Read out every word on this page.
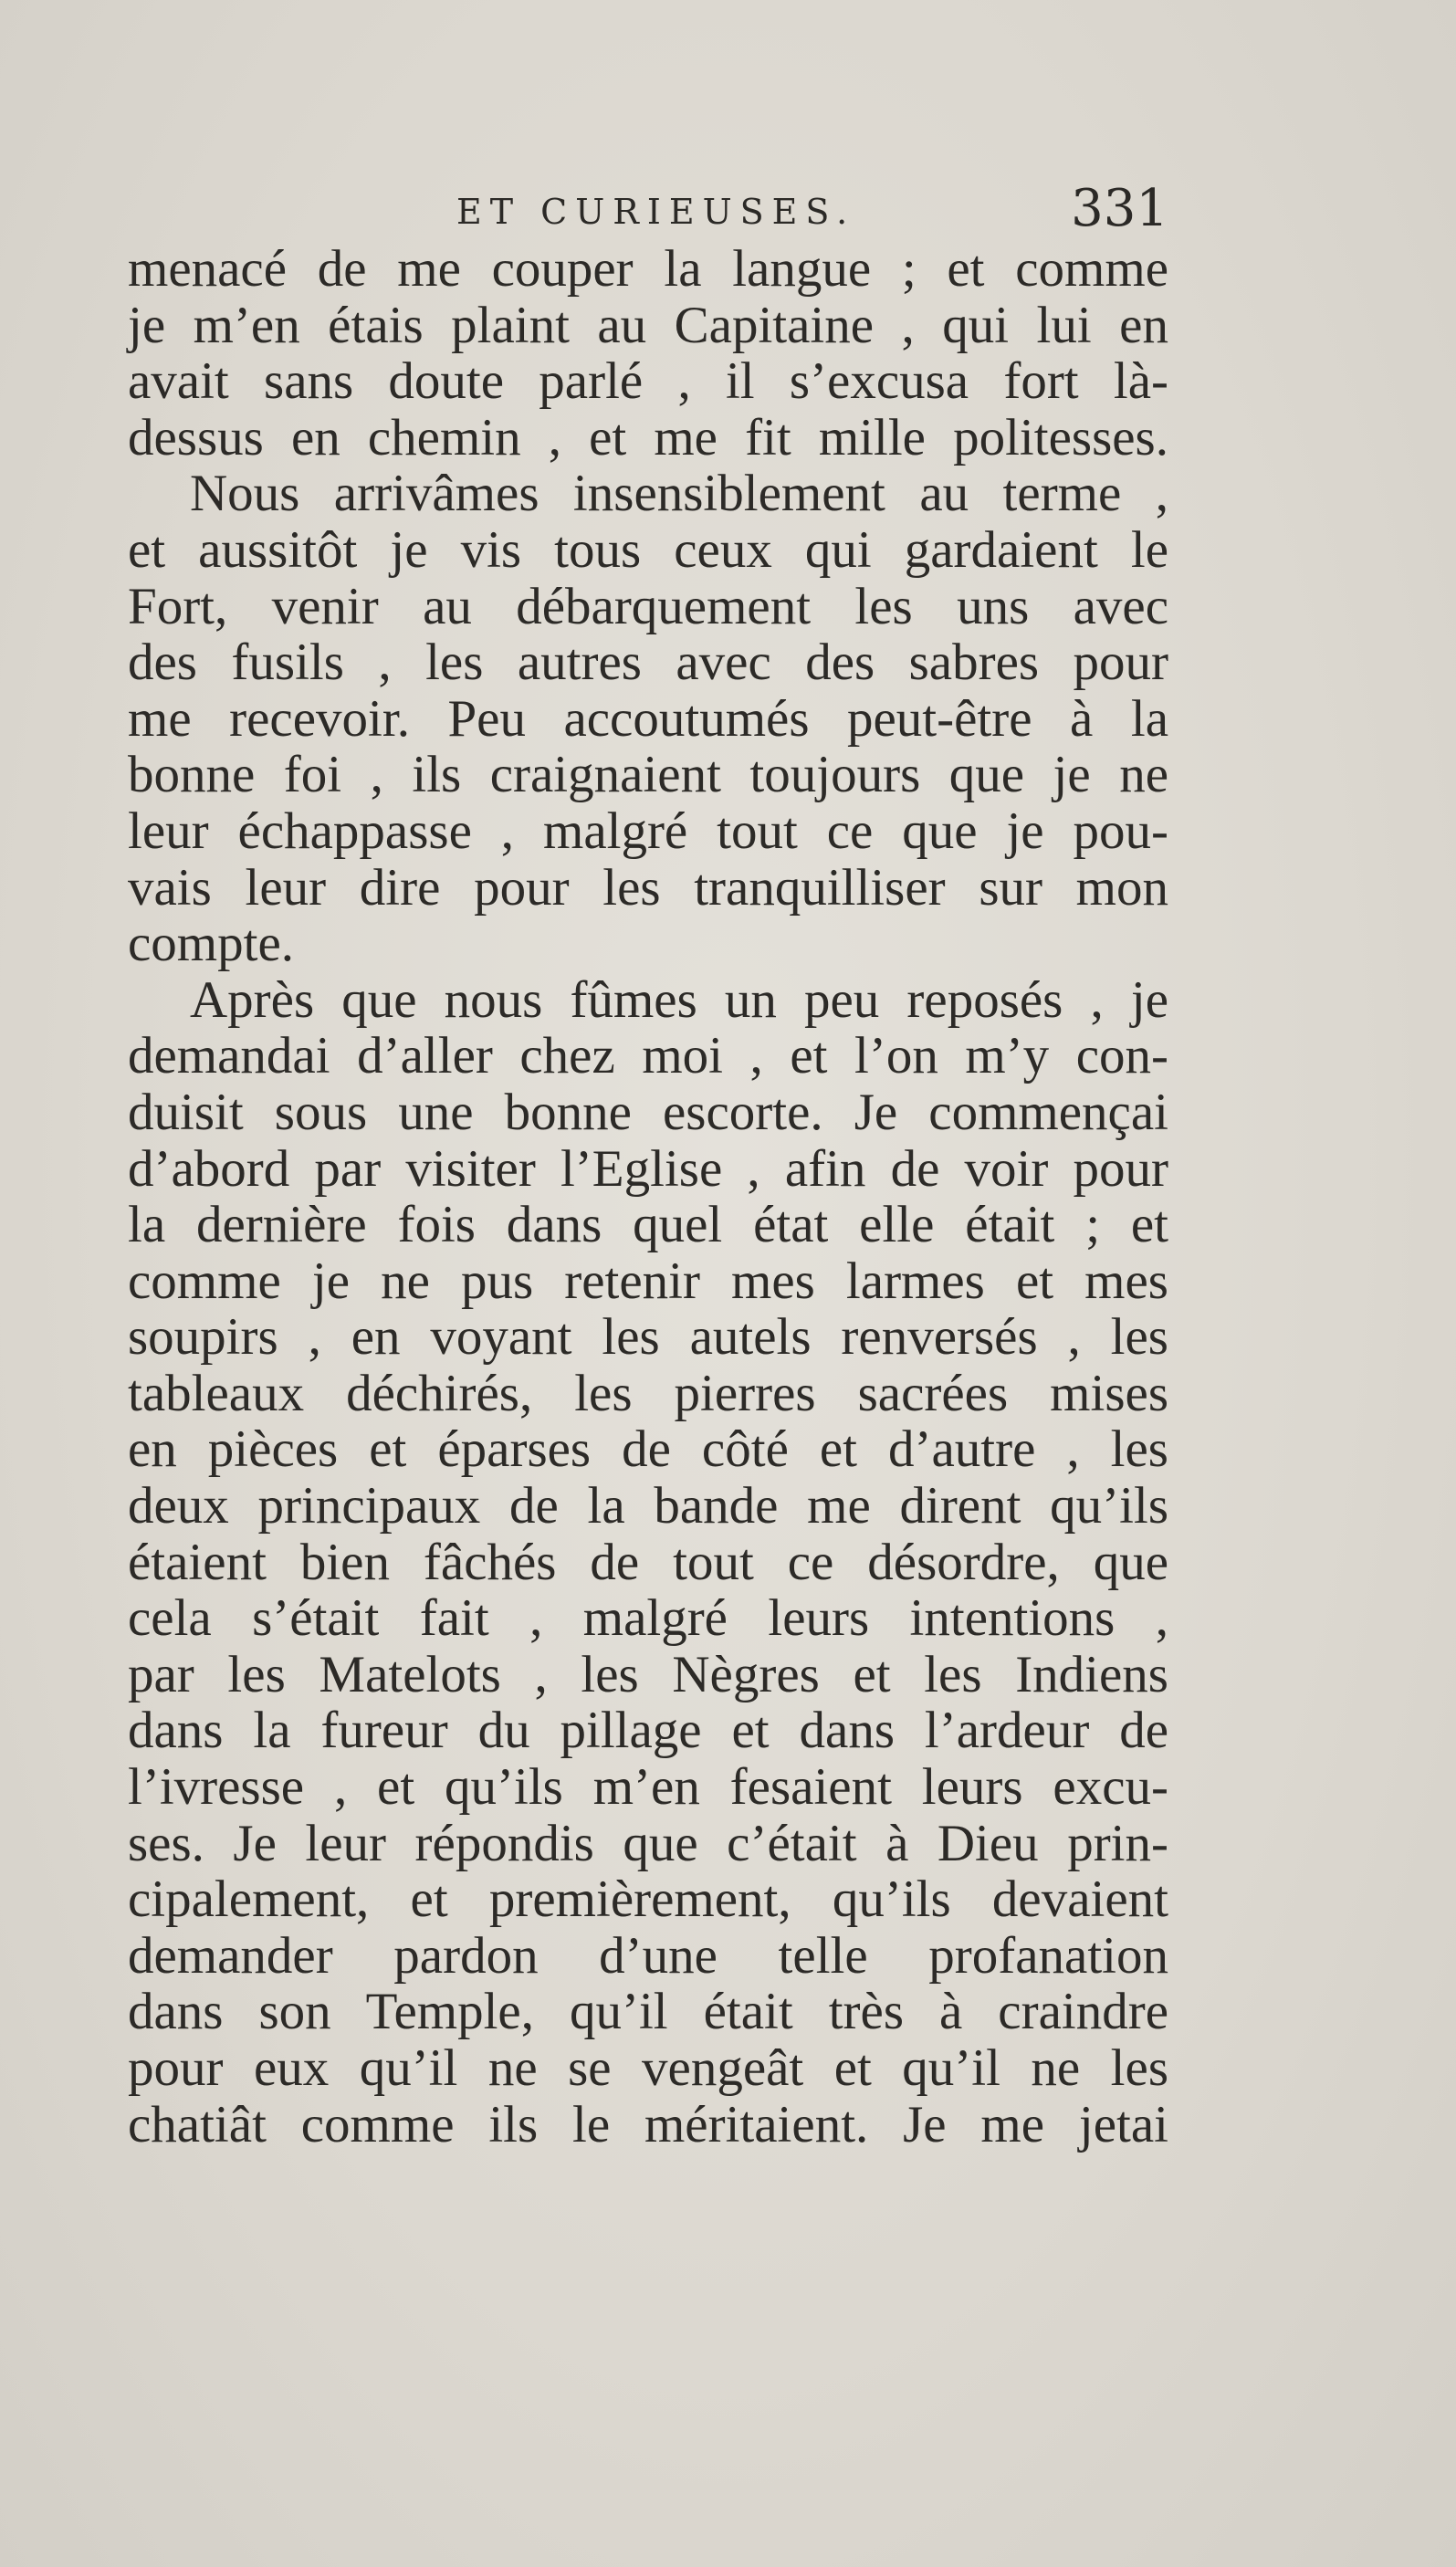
ET CURIEUSES.	331
menacé de me couper la langue ; et comme
je m’en étais plaint au Capitaine , qui lui en
avait sans doute parlé , il s’excusa fort là-
dessus en chemin , et me fit mille politesses.
Nous arrivâmes insensiblement au terme ,
et aussitôt je vis tous ceux qui gardaient le
Fort, venir au débarquement les uns avec
des fusils , les autres avec des sabres pour
me recevoir. Peu accoutumés peut-être à la
bonne foi , ils craignaient toujours que je ne
leur échappasse , malgré tout ce que je pou-
vais leur dire pour les tranquilliser sur mon
compte.
Après que nous fûmes un peu reposés , je
demandai d’aller chez moi , et l’on m’y con-
duisit sous une bonne escorte. Je commençai
d’abord par visiter l’Eglise , afin de voir pour
la dernière fois dans quel état elle était ; et
comme je ne pus retenir mes larmes et mes
soupirs , en voyant les autels renversés , les
tableaux déchirés, les pierres sacrées mises
en pièces et éparses de côté et d’autre , les
deux principaux de la bande me dirent qu’ils
étaient bien fâchés de tout ce désordre, que
cela s’était fait , malgré leurs intentions ,
par les Matelots , les Nègres et les Indiens
dans la fureur du pillage et dans l’ardeur de
l’ivresse , et qu’ils m’en fesaient leurs excu-
ses. Je leur répondis que c’était à Dieu prin-
cipalement, et premièrement, qu’ils devaient
demander pardon d’une telle profanation
dans son Temple, qu’il était très à craindre
pour eux qu’il ne se vengeât et qu’il ne les
chatiât comme ils le méritaient. Je me jetai
